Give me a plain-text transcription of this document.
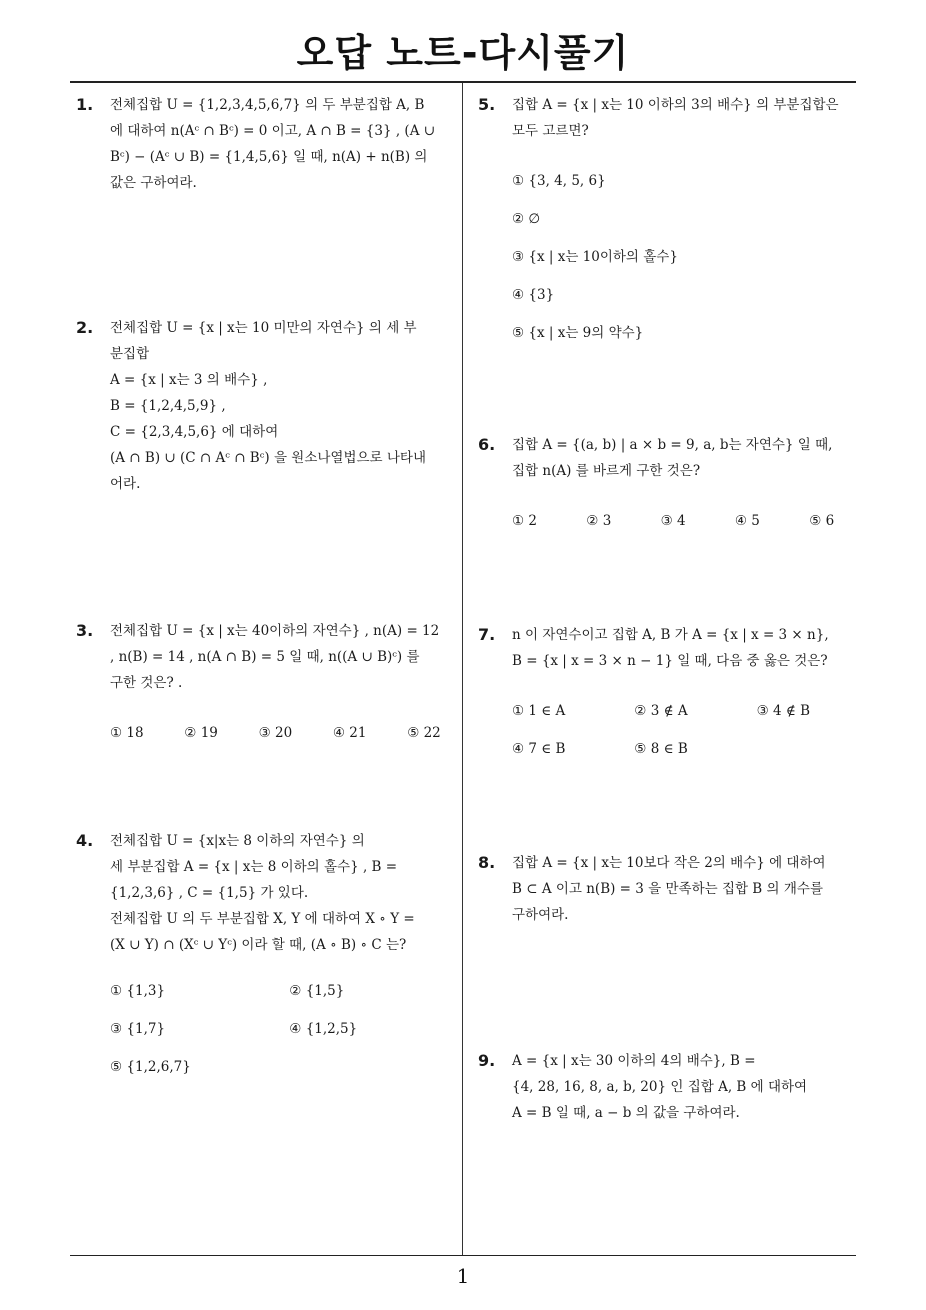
오답 노트-다시풀기
1. 전체집합 U = {1,2,3,4,5,6,7} 의 두 부분집합 A, B
에 대하여 n(Aᶜ ∩ Bᶜ) = 0 이고, A ∩ B = {3} , (A ∪
Bᶜ) − (Aᶜ ∪ B) = {1,4,5,6} 일 때, n(A) + n(B) 의
값은 구하여라.
2. 전체집합 U = {x | x는 10 미만의 자연수} 의 세 부
분집합
A = {x | x는 3 의 배수} ,
B = {1,2,4,5,9} ,
C = {2,3,4,5,6} 에 대하여
(A ∩ B) ∪ (C ∩ Aᶜ ∩ Bᶜ) 을 원소나열법으로 나타내
어라.
3. 전체집합 U = {x | x는 40이하의 자연수} , n(A) = 12
, n(B) = 14 , n(A ∩ B) = 5 일 때, n((A ∪ B)ᶜ) 를
구한 것은? .
① 18	② 19	③ 20	④ 21	⑤ 22
4. 전체집합 U = {x|x는 8 이하의 자연수} 의
세 부분집합 A = {x | x는 8 이하의 홀수} , B =
{1,2,3,6} , C = {1,5} 가 있다.
전체집합 U 의 두 부분집합 X, Y 에 대하여 X ∘ Y =
(X ∪ Y) ∩ (Xᶜ ∪ Yᶜ) 이라 할 때, (A ∘ B) ∘ C 는?
① {1,3}	② {1,5}
③ {1,7}	④ {1,2,5}
⑤ {1,2,6,7}
5. 집합 A = {x | x는 10 이하의 3의 배수} 의 부분집합은
모두 고르면?
① {3, 4, 5, 6}
② ∅
③ {x | x는 10이하의 홀수}
④ {3}
⑤ {x | x는 9의 약수}
6. 집합 A = {(a, b) | a × b = 9, a, b는 자연수} 일 때,
집합 n(A) 를 바르게 구한 것은?
① 2	② 3	③ 4	④ 5	⑤ 6
7. n 이 자연수이고 집합 A, B 가 A = {x | x = 3 × n},
B = {x | x = 3 × n − 1} 일 때, 다음 중 옳은 것은?
① 1 ∈ A	② 3 ∉ A	③ 4 ∉ B
④ 7 ∈ B	⑤ 8 ∈ B
8. 집합 A = {x | x는 10보다 작은 2의 배수} 에 대하여
B ⊂ A 이고 n(B) = 3 을 만족하는 집합 B 의 개수를
구하여라.
9. A = {x | x는 30 이하의 4의 배수}, B =
{4, 28, 16, 8, a, b, 20} 인 집합 A, B 에 대하여
A = B 일 때, a − b 의 값을 구하여라.
1
